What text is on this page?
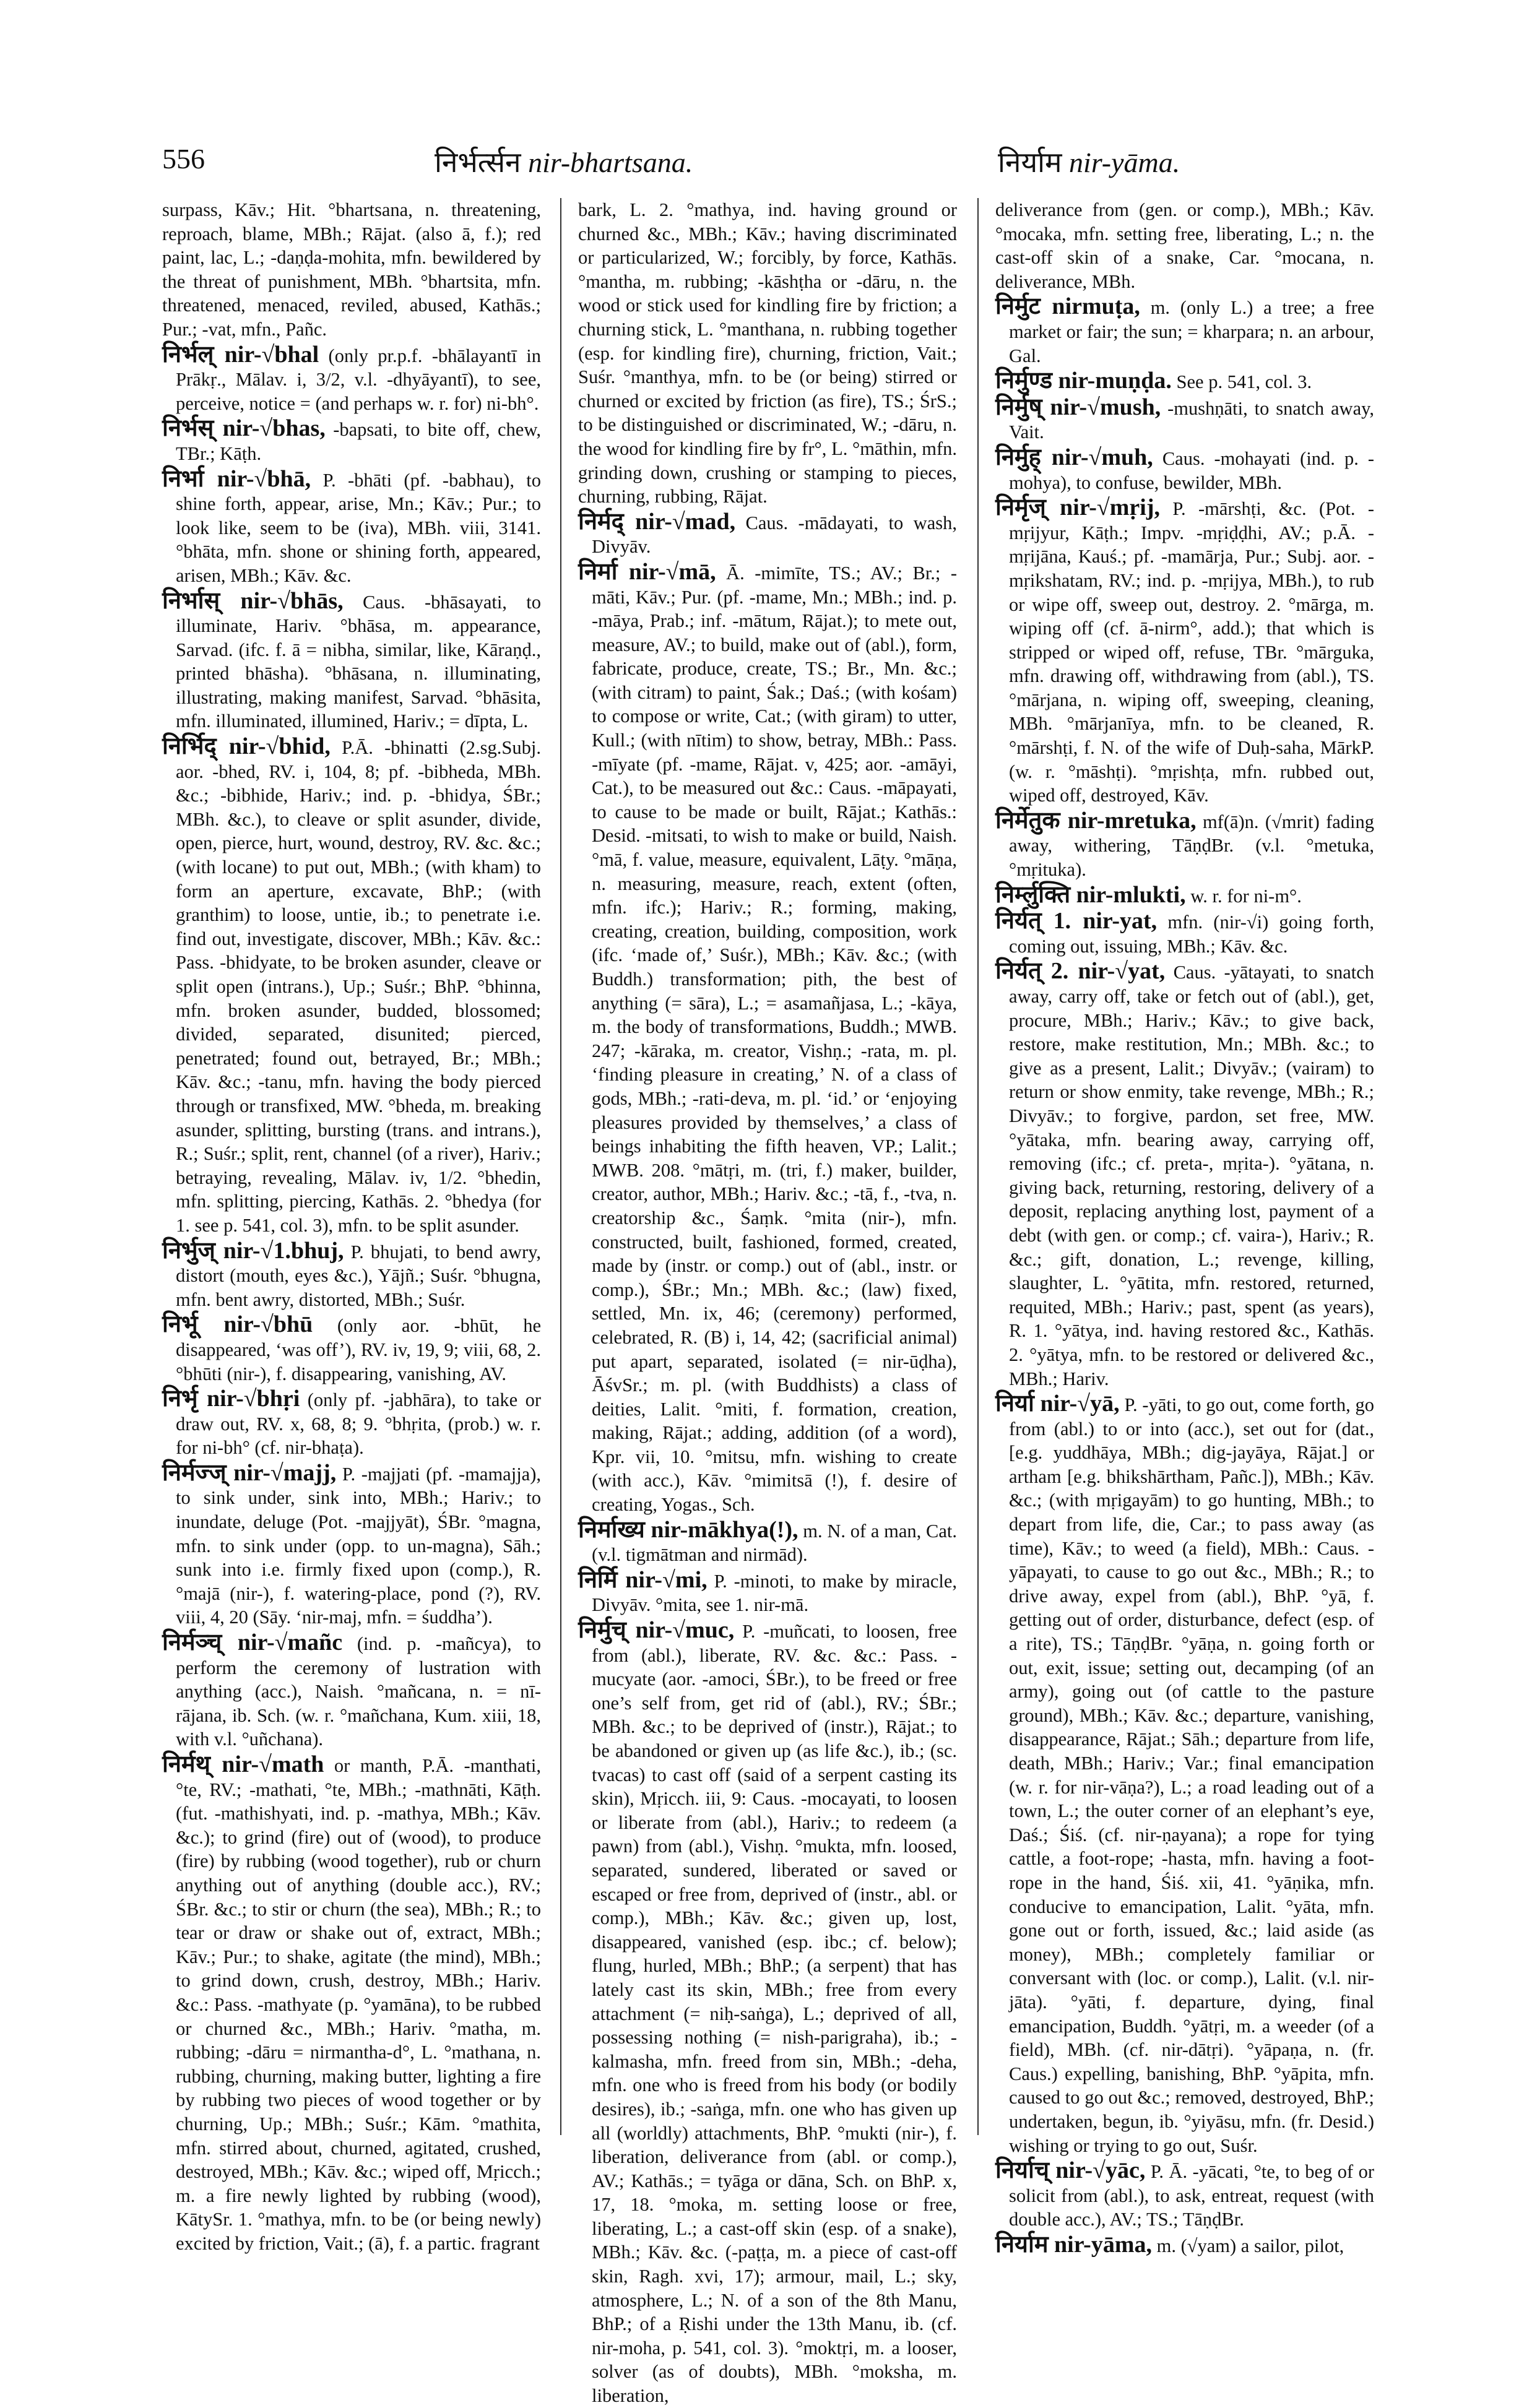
556	निर्भर्त्सन nir-bhartsana.	निर्याम nir-yāma.

surpass, Kāv.; Hit. °bhartsana, n. threatening, reproach, blame, MBh.; Rājat. (also ā, f.); red paint, lac, L.; -daṇḍa-mohita, mfn. bewildered by the threat of punishment, MBh. °bhartsita, mfn. threatened, menaced, reviled, abused, Kathās.; Pur.; -vat, mfn., Pañc.

निर्भल् nir-√bhal (only pr.p.f. -bhālayantī in Prākṛ., Mālav. i, 3/2, v.l. -dhyāyantī), to see, perceive, notice = (and perhaps w. r. for) ni-bh°.

निर्भस् nir-√bhas, -bapsati, to bite off, chew, TBr.; Kāṭh.

निर्भा nir-√bhā, P. -bhāti (pf. -babhau), to shine forth, appear, arise, Mn.; Kāv.; Pur.; to look like, seem to be (iva), MBh. viii, 3141. °bhāta, mfn. shone or shining forth, appeared, arisen, MBh.; Kāv. &c.

निर्भास् nir-√bhās, Caus. -bhāsayati, to illuminate, Hariv. °bhāsa, m. appearance, Sarvad. (ifc. f. ā = nibha, similar, like, Kāraṇḍ., printed bhāsha). °bhāsana, n. illuminating, illustrating, making manifest, Sarvad. °bhāsita, mfn. illuminated, illumined, Hariv.; = dīpta, L.

निर्भिद् nir-√bhid, P.Ā. -bhinatti (2.sg.Subj. aor. -bhed, RV. i, 104, 8; pf. -bibheda, MBh. &c.; -bibhide, Hariv.; ind. p. -bhidya, ŚBr.; MBh. &c.), to cleave or split asunder, divide, open, pierce, hurt, wound, destroy, RV. &c. &c.; (with locane) to put out, MBh.; (with kham) to form an aperture, excavate, BhP.; (with granthim) to loose, untie, ib.; to penetrate i.e. find out, investigate, discover, MBh.; Kāv. &c.: Pass. -bhidyate, to be broken asunder, cleave or split open (intrans.), Up.; Suśr.; BhP. °bhinna, mfn. broken asunder, budded, blossomed; divided, separated, disunited; pierced, penetrated; found out, betrayed, Br.; MBh.; Kāv. &c.; -tanu, mfn. having the body pierced through or transfixed, MW. °bheda, m. breaking asunder, splitting, bursting (trans. and intrans.), R.; Suśr.; split, rent, channel (of a river), Hariv.; betraying, revealing, Mālav. iv, 1/2. °bhedin, mfn. splitting, piercing, Kathās. 2. °bhedya (for 1. see p. 541, col. 3), mfn. to be split asunder.

निर्भुज् nir-√1.bhuj, P. bhujati, to bend awry, distort (mouth, eyes &c.), Yājñ.; Suśr. °bhugna, mfn. bent awry, distorted, MBh.; Suśr.

निर्भू nir-√bhū (only aor. -bhūt, he disappeared, ‘was off’), RV. iv, 19, 9; viii, 68, 2. °bhūti (nir-), f. disappearing, vanishing, AV.

निर्भृ nir-√bhṛi (only pf. -jabhāra), to take or draw out, RV. x, 68, 8; 9. °bhṛita, (prob.) w. r. for ni-bh° (cf. nir-bhaṭa).

निर्मज्ज् nir-√majj, P. -majjati (pf. -mamajja), to sink under, sink into, MBh.; Hariv.; to inundate, deluge (Pot. -majjyāt), ŚBr. °magna, mfn. to sink under (opp. to un-magna), Sāh.; sunk into i.e. firmly fixed upon (comp.), R. °majā (nir-), f. watering-place, pond (?), RV. viii, 4, 20 (Sāy. ‘nir-maj, mfn. = śuddha’).

निर्मञ्च् nir-√mañc (ind. p. -mañcya), to perform the ceremony of lustration with anything (acc.), Naish. °mañcana, n. = nī-rājana, ib. Sch. (w. r. °mañchana, Kum. xiii, 18, with v.l. °uñchana).

निर्मथ् nir-√math or manth, P.Ā. -manthati, °te, RV.; -mathati, °te, MBh.; -mathnāti, Kāṭh. (fut. -mathishyati, ind. p. -mathya, MBh.; Kāv. &c.); to grind (fire) out of (wood), to produce (fire) by rubbing (wood together), rub or churn anything out of anything (double acc.), RV.; ŚBr. &c.; to stir or churn (the sea), MBh.; R.; to tear or draw or shake out of, extract, MBh.; Kāv.; Pur.; to shake, agitate (the mind), MBh.; to grind down, crush, destroy, MBh.; Hariv. &c.: Pass. -mathyate (p. °yamāna), to be rubbed or churned &c., MBh.; Hariv. °matha, m. rubbing; -dāru = nirmantha-d°, L. °mathana, n. rubbing, churning, making butter, lighting a fire by rubbing two pieces of wood together or by churning, Up.; MBh.; Suśr.; Kām. °mathita, mfn. stirred about, churned, agitated, crushed, destroyed, MBh.; Kāv. &c.; wiped off, Mṛicch.; m. a fire newly lighted by rubbing (wood), KātySr. 1. °mathya, mfn. to be (or being newly) excited by friction, Vait.; (ā), f. a partic. fragrant

bark, L. 2. °mathya, ind. having ground or churned &c., MBh.; Kāv.; having discriminated or particularized, W.; forcibly, by force, Kathās. °mantha, m. rubbing; -kāshṭha or -dāru, n. the wood or stick used for kindling fire by friction; a churning stick, L. °manthana, n. rubbing together (esp. for kindling fire), churning, friction, Vait.; Suśr. °manthya, mfn. to be (or being) stirred or churned or excited by friction (as fire), TS.; ŚrS.; to be distinguished or discriminated, W.; -dāru, n. the wood for kindling fire by fr°, L. °māthin, mfn. grinding down, crushing or stamping to pieces, churning, rubbing, Rājat.

निर्मद् nir-√mad, Caus. -mādayati, to wash, Divyāv.

निर्मा nir-√mā, Ā. -mimīte, TS.; AV.; Br.; -māti, Kāv.; Pur. (pf. -mame, Mn.; MBh.; ind. p. -māya, Prab.; inf. -mātum, Rājat.); to mete out, measure, AV.; to build, make out of (abl.), form, fabricate, produce, create, TS.; Br., Mn. &c.; (with citram) to paint, Śak.; Daś.; (with kośam) to compose or write, Cat.; (with giram) to utter, Kull.; (with nītim) to show, betray, MBh.: Pass. -mīyate (pf. -mame, Rājat. v, 425; aor. -amāyi, Cat.), to be measured out &c.: Caus. -māpayati, to cause to be made or built, Rājat.; Kathās.: Desid. -mitsati, to wish to make or build, Naish. °mā, f. value, measure, equivalent, Lāṭy. °māṇa, n. measuring, measure, reach, extent (often, mfn. ifc.); Hariv.; R.; forming, making, creating, creation, building, composition, work (ifc. ‘made of,’ Suśr.), MBh.; Kāv. &c.; (with Buddh.) transformation; pith, the best of anything (= sāra), L.; = asamañjasa, L.; -kāya, m. the body of transformations, Buddh.; MWB. 247; -kāraka, m. creator, Vishṇ.; -rata, m. pl. ‘finding pleasure in creating,’ N. of a class of gods, MBh.; -rati-deva, m. pl. ‘id.’ or ‘enjoying pleasures provided by themselves,’ a class of beings inhabiting the fifth heaven, VP.; Lalit.; MWB. 208. °mātṛi, m. (tri, f.) maker, builder, creator, author, MBh.; Hariv. &c.; -tā, f., -tva, n. creatorship &c., Śaṃk. °mita (nir-), mfn. constructed, built, fashioned, formed, created, made by (instr. or comp.) out of (abl., instr. or comp.), ŚBr.; Mn.; MBh. &c.; (law) fixed, settled, Mn. ix, 46; (ceremony) performed, celebrated, R. (B) i, 14, 42; (sacrificial animal) put apart, separated, isolated (= nir-ūḍha), ĀśvSr.; m. pl. (with Buddhists) a class of deities, Lalit. °miti, f. formation, creation, making, Rājat.; adding, addition (of a word), Kpr. vii, 10. °mitsu, mfn. wishing to create (with acc.), Kāv. °mimitsā (!), f. desire of creating, Yogas., Sch.

निर्माख्य nir-mākhya(!), m. N. of a man, Cat. (v.l. tigmātman and nirmād).

निर्मि nir-√mi, P. -minoti, to make by miracle, Divyāv. °mita, see 1. nir-mā.

निर्मुच् nir-√muc, P. -muñcati, to loosen, free from (abl.), liberate, RV. &c. &c.: Pass. -mucyate (aor. -amoci, ŚBr.), to be freed or free one’s self from, get rid of (abl.), RV.; ŚBr.; MBh. &c.; to be deprived of (instr.), Rājat.; to be abandoned or given up (as life &c.), ib.; (sc. tvacas) to cast off (said of a serpent casting its skin), Mṛicch. iii, 9: Caus. -mocayati, to loosen or liberate from (abl.), Hariv.; to redeem (a pawn) from (abl.), Vishṇ. °mukta, mfn. loosed, separated, sundered, liberated or saved or escaped or free from, deprived of (instr., abl. or comp.), MBh.; Kāv. &c.; given up, lost, disappeared, vanished (esp. ibc.; cf. below); flung, hurled, MBh.; BhP.; (a serpent) that has lately cast its skin, MBh.; free from every attachment (= niḥ-saṅga), L.; deprived of all, possessing nothing (= nish-parigraha), ib.; -kalmasha, mfn. freed from sin, MBh.; -deha, mfn. one who is freed from his body (or bodily desires), ib.; -saṅga, mfn. one who has given up all (worldly) attachments, BhP. °mukti (nir-), f. liberation, deliverance from (abl. or comp.), AV.; Kathās.; = tyāga or dāna, Sch. on BhP. x, 17, 18. °moka, m. setting loose or free, liberating, L.; a cast-off skin (esp. of a snake), MBh.; Kāv. &c. (-paṭṭa, m. a piece of cast-off skin, Ragh. xvi, 17); armour, mail, L.; sky, atmosphere, L.; N. of a son of the 8th Manu, BhP.; of a Ṛishi under the 13th Manu, ib. (cf. nir-moha, p. 541, col. 3). °moktṛi, m. a looser, solver (as of doubts), MBh. °moksha, m. liberation,

deliverance from (gen. or comp.), MBh.; Kāv. °mocaka, mfn. setting free, liberating, L.; n. the cast-off skin of a snake, Car. °mocana, n. deliverance, MBh.

निर्मुट nirmuṭa, m. (only L.) a tree; a free market or fair; the sun; = kharpara; n. an arbour, Gal.

निर्मुण्ड nir-muṇḍa. See p. 541, col. 3.

निर्मुष् nir-√mush, -mushṇāti, to snatch away, Vait.

निर्मुह् nir-√muh, Caus. -mohayati (ind. p. -mohya), to confuse, bewilder, MBh.

निर्मृज् nir-√mṛij, P. -mārshṭi, &c. (Pot. -mṛijyur, Kāṭh.; Impv. -mṛiḍḍhi, AV.; p.Ā. -mṛijāna, Kauś.; pf. -mamārja, Pur.; Subj. aor. -mṛikshatam, RV.; ind. p. -mṛijya, MBh.), to rub or wipe off, sweep out, destroy. 2. °mārga, m. wiping off (cf. ā-nirm°, add.); that which is stripped or wiped off, refuse, TBr. °mārguka, mfn. drawing off, withdrawing from (abl.), TS. °mārjana, n. wiping off, sweeping, cleaning, MBh. °mārjanīya, mfn. to be cleaned, R. °mārshṭi, f. N. of the wife of Duḥ-saha, MārkP. (w. r. °māshṭi). °mṛishṭa, mfn. rubbed out, wiped off, destroyed, Kāv.

निर्मेतुक nir-mretuka, mf(ā)n. (√mrit) fading away, withering, TāṇḍBr. (v.l. °metuka, °mṛituka).

निर्म्लुक्ति nir-mlukti, w. r. for ni-m°.

निर्यत् 1. nir-yat, mfn. (nir-√i) going forth, coming out, issuing, MBh.; Kāv. &c.

निर्यत् 2. nir-√yat, Caus. -yātayati, to snatch away, carry off, take or fetch out of (abl.), get, procure, MBh.; Hariv.; Kāv.; to give back, restore, make restitution, Mn.; MBh. &c.; to give as a present, Lalit.; Divyāv.; (vairam) to return or show enmity, take revenge, MBh.; R.; Divyāv.; to forgive, pardon, set free, MW. °yātaka, mfn. bearing away, carrying off, removing (ifc.; cf. preta-, mṛita-). °yātana, n. giving back, returning, restoring, delivery of a deposit, replacing anything lost, payment of a debt (with gen. or comp.; cf. vaira-), Hariv.; R. &c.; gift, donation, L.; revenge, killing, slaughter, L. °yātita, mfn. restored, returned, requited, MBh.; Hariv.; past, spent (as years), R. 1. °yātya, ind. having restored &c., Kathās. 2. °yātya, mfn. to be restored or delivered &c., MBh.; Hariv.

निर्या nir-√yā, P. -yāti, to go out, come forth, go from (abl.) to or into (acc.), set out for (dat., [e.g. yuddhāya, MBh.; dig-jayāya, Rājat.] or artham [e.g. bhikshārtham, Pañc.]), MBh.; Kāv. &c.; (with mṛigayām) to go hunting, MBh.; to depart from life, die, Car.; to pass away (as time), Kāv.; to weed (a field), MBh.: Caus. -yāpayati, to cause to go out &c., MBh.; R.; to drive away, expel from (abl.), BhP. °yā, f. getting out of order, disturbance, defect (esp. of a rite), TS.; TāṇḍBr. °yāṇa, n. going forth or out, exit, issue; setting out, decamping (of an army), going out (of cattle to the pasture ground), MBh.; Kāv. &c.; departure, vanishing, disappearance, Rājat.; Sāh.; departure from life, death, MBh.; Hariv.; Var.; final emancipation (w. r. for nir-vāṇa?), L.; a road leading out of a town, L.; the outer corner of an elephant’s eye, Daś.; Śiś. (cf. nir-ṇayana); a rope for tying cattle, a foot-rope; -hasta, mfn. having a foot-rope in the hand, Śiś. xii, 41. °yāṇika, mfn. conducive to emancipation, Lalit. °yāta, mfn. gone out or forth, issued, &c.; laid aside (as money), MBh.; completely familiar or conversant with (loc. or comp.), Lalit. (v.l. nir-jāta). °yāti, f. departure, dying, final emancipation, Buddh. °yātṛi, m. a weeder (of a field), MBh. (cf. nir-dātṛi). °yāpaṇa, n. (fr. Caus.) expelling, banishing, BhP. °yāpita, mfn. caused to go out &c.; removed, destroyed, BhP.; undertaken, begun, ib. °yiyāsu, mfn. (fr. Desid.) wishing or trying to go out, Suśr.

निर्याच् nir-√yāc, P. Ā. -yācati, °te, to beg of or solicit from (abl.), to ask, entreat, request (with double acc.), AV.; TS.; TāṇḍBr.

निर्याम nir-yāma, m. (√yam) a sailor, pilot,
